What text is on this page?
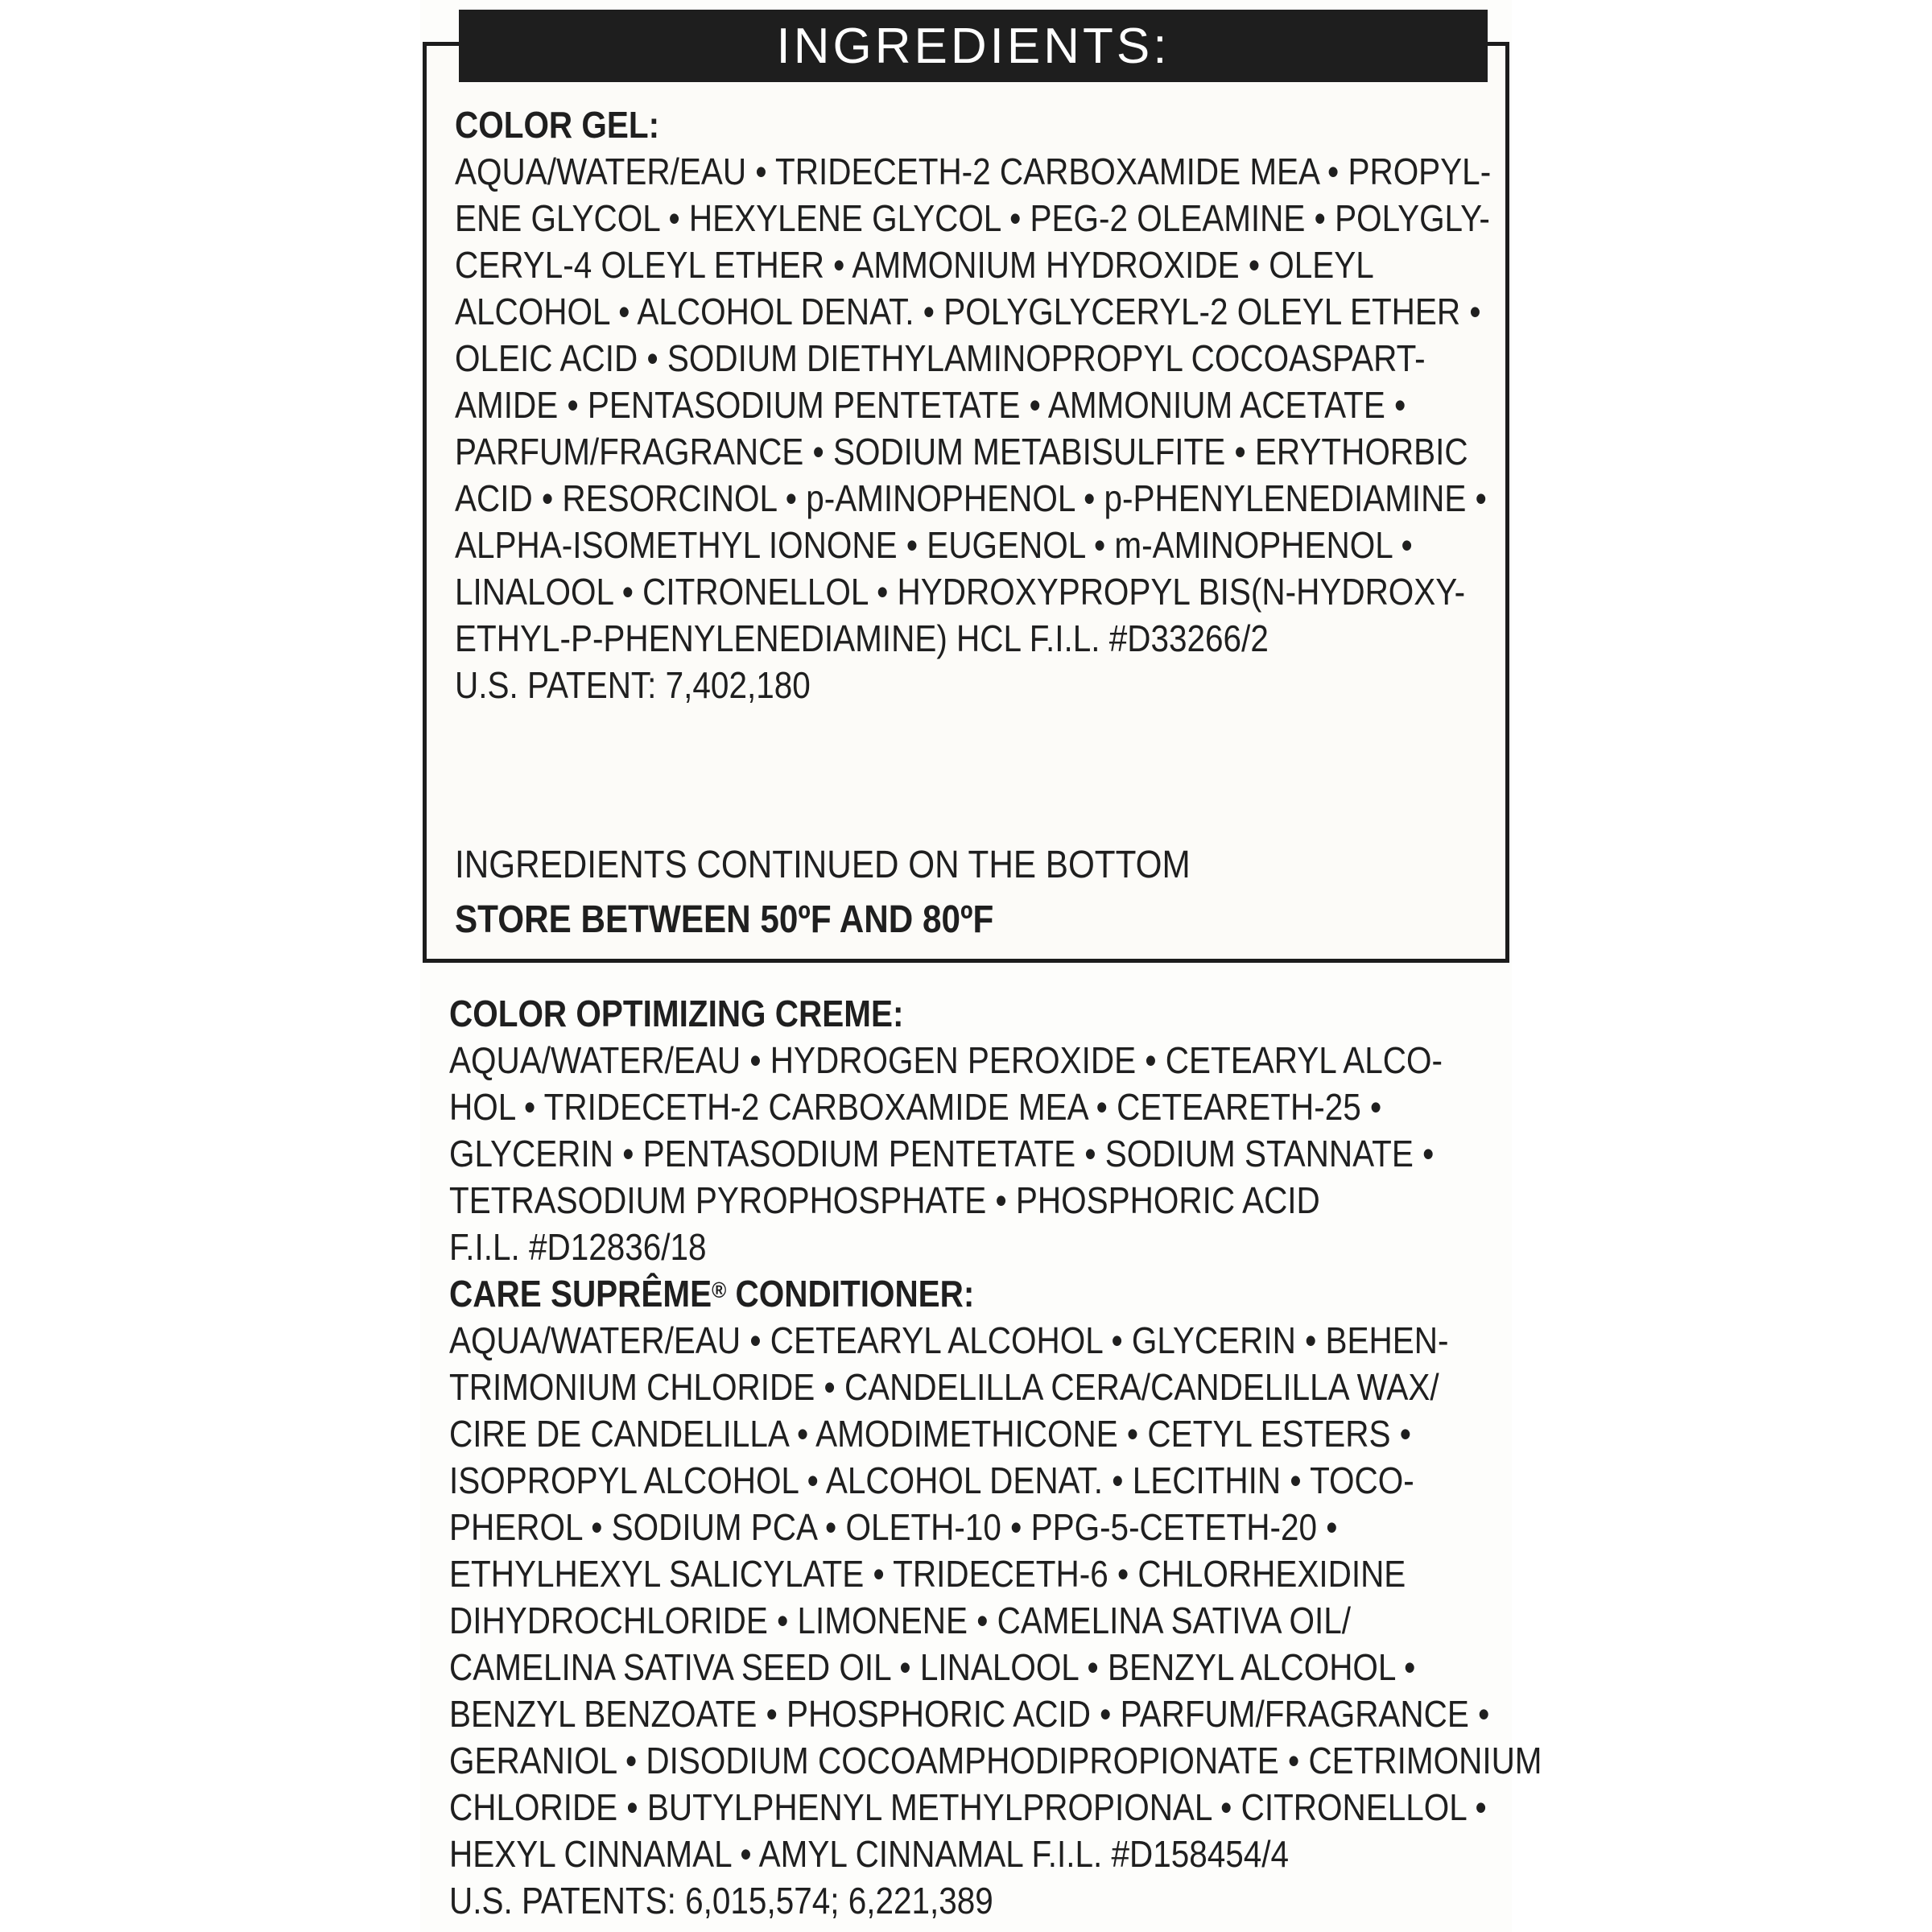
INGREDIENTS:
COLOR GEL:
AQUA/WATER/EAU • TRIDECETH-2 CARBOXAMIDE MEA • PROPYL-
ENE GLYCOL • HEXYLENE GLYCOL • PEG-2 OLEAMINE • POLYGLY-
CERYL-4 OLEYL ETHER • AMMONIUM HYDROXIDE • OLEYL
ALCOHOL • ALCOHOL DENAT. • POLYGLYCERYL-2 OLEYL ETHER •
OLEIC ACID • SODIUM DIETHYLAMINOPROPYL COCOASPART-
AMIDE • PENTASODIUM PENTETATE • AMMONIUM ACETATE •
PARFUM/FRAGRANCE • SODIUM METABISULFITE • ERYTHORBIC
ACID • RESORCINOL • p-AMINOPHENOL • p-PHENYLENEDIAMINE •
ALPHA-ISOMETHYL IONONE • EUGENOL • m-AMINOPHENOL •
LINALOOL • CITRONELLOL • HYDROXYPROPYL BIS(N-HYDROXY-
ETHYL-P-PHENYLENEDIAMINE) HCL F.I.L. #D33266/2
U.S. PATENT: 7,402,180
INGREDIENTS CONTINUED ON THE BOTTOM
STORE BETWEEN 50ºF AND 80ºF
COLOR OPTIMIZING CREME:
AQUA/WATER/EAU • HYDROGEN PEROXIDE • CETEARYL ALCO-
HOL • TRIDECETH-2 CARBOXAMIDE MEA • CETEARETH-25 •
GLYCERIN • PENTASODIUM PENTETATE • SODIUM STANNATE •
TETRASODIUM PYROPHOSPHATE • PHOSPHORIC ACID
F.I.L. #D12836/18
CARE SUPRÊME® CONDITIONER:
AQUA/WATER/EAU • CETEARYL ALCOHOL • GLYCERIN • BEHEN-
TRIMONIUM CHLORIDE • CANDELILLA CERA/CANDELILLA WAX/
CIRE DE CANDELILLA • AMODIMETHICONE • CETYL ESTERS •
ISOPROPYL ALCOHOL • ALCOHOL DENAT. • LECITHIN • TOCO-
PHEROL • SODIUM PCA • OLETH-10 • PPG-5-CETETH-20 •
ETHYLHEXYL SALICYLATE • TRIDECETH-6 • CHLORHEXIDINE
DIHYDROCHLORIDE • LIMONENE • CAMELINA SATIVA OIL/
CAMELINA SATIVA SEED OIL • LINALOOL • BENZYL ALCOHOL •
BENZYL BENZOATE • PHOSPHORIC ACID • PARFUM/FRAGRANCE •
GERANIOL • DISODIUM COCOAMPHODIPROPIONATE • CETRIMONIUM
CHLORIDE • BUTYLPHENYL METHYLPROPIONAL • CITRONELLOL •
HEXYL CINNAMAL • AMYL CINNAMAL F.I.L. #D158454/4
U.S. PATENTS: 6,015,574; 6,221,389
